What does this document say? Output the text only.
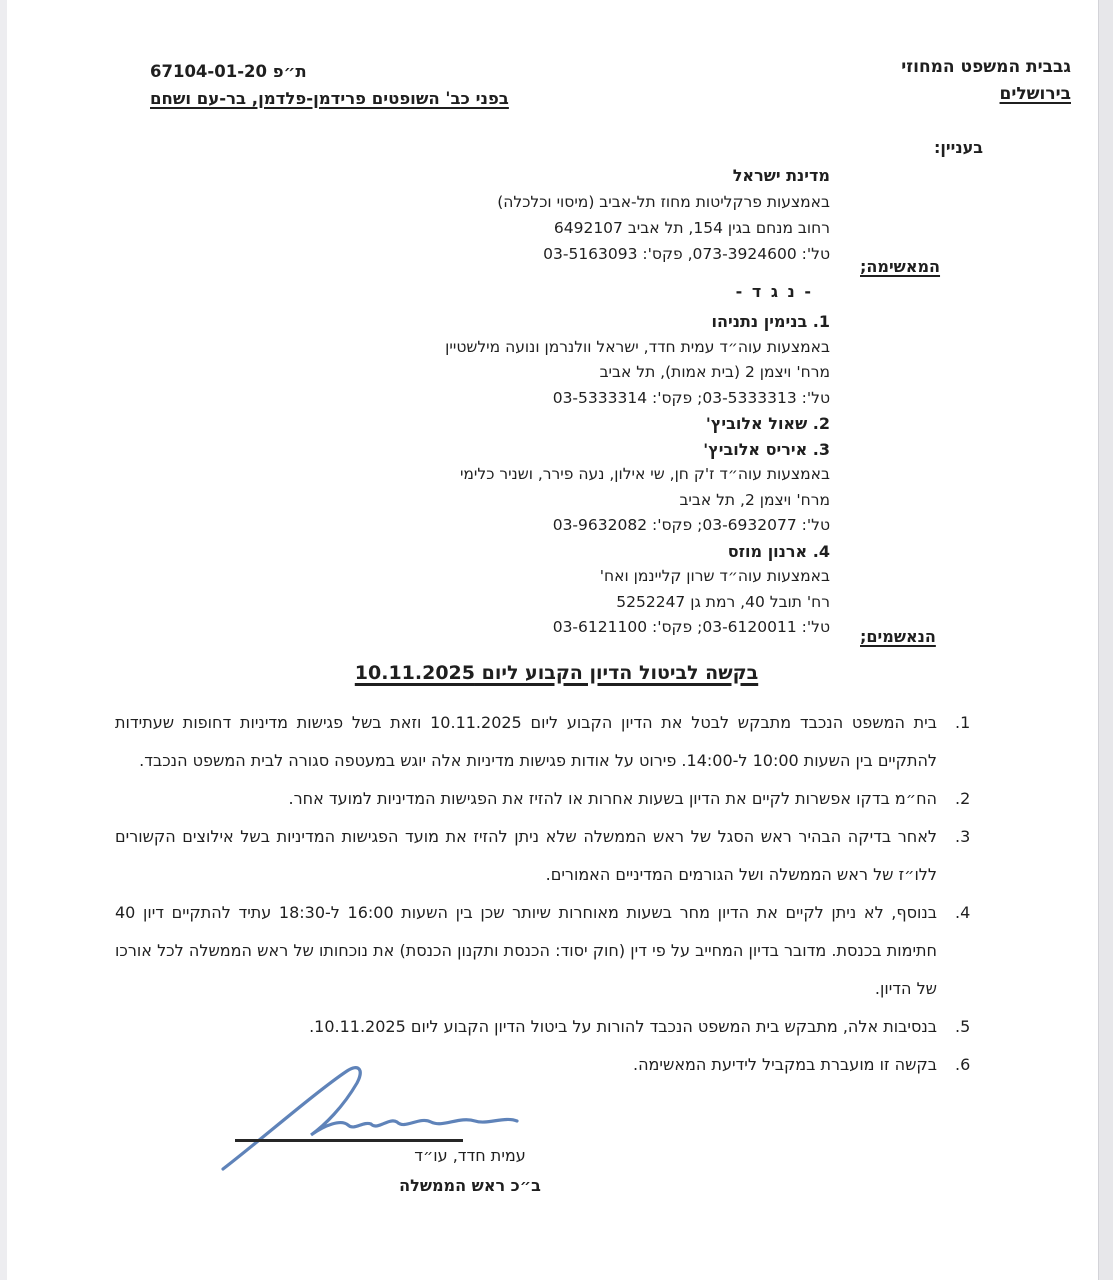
גבבית המשפט המחוזי
בירושלים
ת״פ 67104-01-20
בפני כב' השופטים פרידמן-פלדמן, בר-עם ושחם
בעניין:
מדינת ישראל
באמצעות פרקליטות מחוז תל-אביב (מיסוי וכלכלה)
רחוב מנחם בגין 154, תל אביב 6492107
טל': 073-3924600, פקס': 03-5163093
המאשימה;
- נ ג ד -
1. בנימין נתניהו
באמצעות עוה״ד עמית חדד, ישראל וולנרמן ונועה מילשטיין
מרח' ויצמן 2 (בית אמות), תל אביב
טל': 03-5333313; פקס': 03-5333314
2. שאול אלוביץ'
3. איריס אלוביץ'
באמצעות עוה״ד ז'ק חן, שי אילון, נעה פירר, ושניר כלימי
מרח' ויצמן 2, תל אביב
טל': 03-6932077; פקס': 03-9632082
4. ארנון מוזס
באמצעות עוה״ד שרון קליינמן ואח'
רח' תובל 40, רמת גן 5252247
טל': 03-6120011; פקס': 03-6121100	הנאשמים;
בקשה לביטול הדיון הקבוע ליום 10.11.2025
1.
בית המשפט הנכבד מתבקש לבטל את הדיון הקבוע ליום 10.11.2025 וזאת בשל פגישות מדיניות דחופות שעתידות להתקיים בין השעות 10:00 ל-14:00. פירוט על אודות פגישות מדיניות אלה יוגש במעטפה סגורה לבית המשפט הנכבד.
2.
הח״מ בדקו אפשרות לקיים את הדיון בשעות אחרות או להזיז את הפגישות המדיניות למועד אחר.
3.
לאחר בדיקה הבהיר ראש הסגל של ראש הממשלה שלא ניתן להזיז את מועד הפגישות המדיניות בשל אילוצים הקשורים ללו״ז של ראש הממשלה ושל הגורמים המדיניים האמורים.
4.
בנוסף, לא ניתן לקיים את הדיון מחר בשעות מאוחרות שיותר שכן בין השעות 16:00 ל-18:30 עתיד להתקיים דיון 40 חתימות בכנסת. מדובר בדיון המחייב על פי דין (חוק יסוד: הכנסת ותקנון הכנסת) את נוכחותו של ראש הממשלה לכל אורכו של הדיון.
5.
בנסיבות אלה, מתבקש בית המשפט הנכבד להורות על ביטול הדיון הקבוע ליום 10.11.2025.
6.
בקשה זו מועברת במקביל לידיעת המאשימה.
עמית חדד, עו״ד
ב״כ ראש הממשלה
